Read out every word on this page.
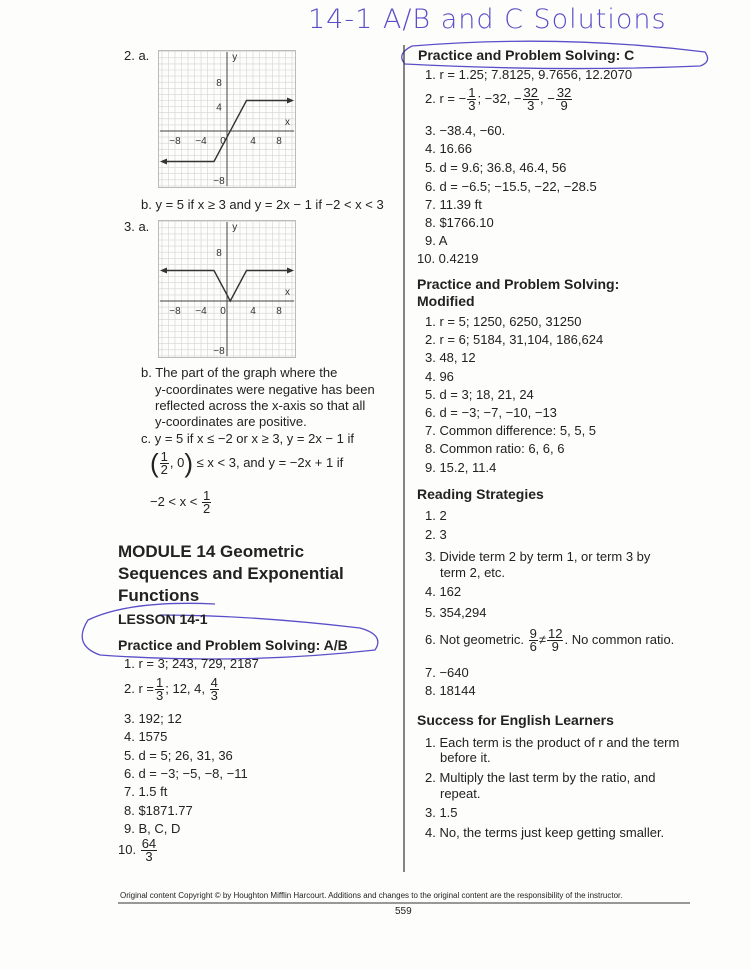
14-1 A/B and C Solutions
2. a.
−8 −4 0 4 8
8
4
−8
x
y
b. y = 5 if x ≥ 3 and y = 2x − 1 if −2 < x < 3
3. a.
−8 −4 0 4 8
8
−8
x
y
b. The part of the graph where the
y-coordinates were negative has been
reflected across the x-axis so that all
y-coordinates are positive.
c. y = 5 if x ≤ −2 or x ≥ 3, y = 2x − 1 if
( $\frac{1}{2}$ , 0) ≤ x < 3, and y = −2x + 1 if
$-2 < x < \frac{1}{2}$
MODULE 14 Geometric
Sequences and Exponential
Functions
LESSON 14-1
Practice and Problem Solving: A/B
1. r = 3; 243, 729, 2187
2. $r = \frac{1}{3}$ ; 12, 4, $\frac{4}{3}$
3. 192; 12
4. 1575
5. d = 5; 26, 31, 36
6. d = −3; −5, −8, −11
7. 1.5 ft
8. $1871.77
9. B, C, D
10. $\frac{64}{3}$
Practice and Problem Solving: C
1. r = 1.25; 7.8125, 9.7656, 12.2070
2. r = − $\frac{1}{3}$ ; −32, − $\frac{32}{3}$ , − $\frac{32}{9}$
3. −38.4, −60.
4. 16.66
5. d = 9.6; 36.8, 46.4, 56
6. d = −6.5; −15.5, −22, −28.5
7. 11.39 ft
8. $1766.10
9. A
10. 0.4219
Practice and Problem Solving:
Modified
Reading Strategies
1. 2
2. 3
3. Divide term 2 by term 1, or term 3 by
term 2, etc.
4. 162
5. 354,294
6. Not geometric. $\frac{9}{6} \ne \frac{12}{9}$ . No common ratio.
7. −640
8. 18144
Success for English Learners
1. Each term is the product of r and the term
before it.
2. Multiply the last term by the ratio, and
repeat.
3. 1.5
4. No, the terms just keep getting smaller.
Original content Copyright © by Houghton Mifflin Harcourt. Additions and changes to the original content are the responsibility of the instructor.
559
1. r = 5; 1250, 6250, 31250
2. r = 6; 5184, 31,104, 186,624
3. 48, 12
4. 96
5. d = 3; 18, 21, 24
6. d = −3; −7, −10, −13
7. Common difference: 5, 5, 5
8. Common ratio: 6, 6, 6
9. 15.2, 11.4
